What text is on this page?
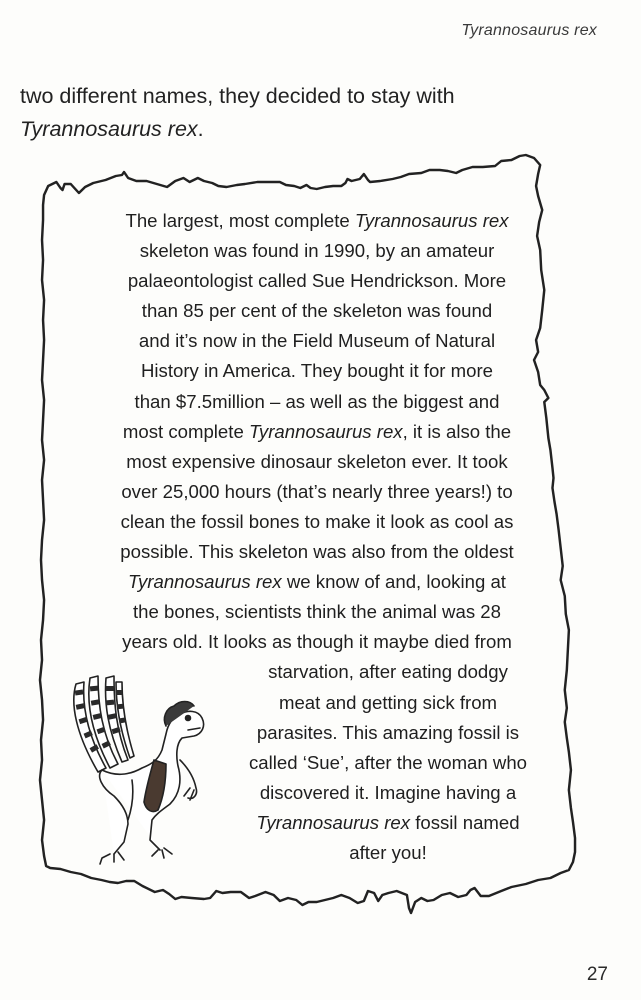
Tyrannosaurus rex

two different names, they decided to stay with

Tyrannosaurus rex.

The largest, most complete Tyrannosaurus rex
skeleton was found in 1990, by an amateur
palaeontologist called Sue Hendrickson. More
than 85 per cent of the skeleton was found
and it’s now in the Field Museum of Natural
History in America. They bought it for more
than $7.5million – as well as the biggest and
most complete Tyrannosaurus rex, it is also the
most expensive dinosaur skeleton ever. It took
over 25,000 hours (that’s nearly three years!) to
clean the fossil bones to make it look as cool as
possible. This skeleton was also from the oldest
Tyrannosaurus rex we know of and, looking at
the bones, scientists think the animal was 28
years old. It looks as though it maybe died from
starvation, after eating dodgy
meat and getting sick from
parasites. This amazing fossil is
called ‘Sue’, after the woman who
discovered it. Imagine having a
Tyrannosaurus rex fossil named
after you!
27
